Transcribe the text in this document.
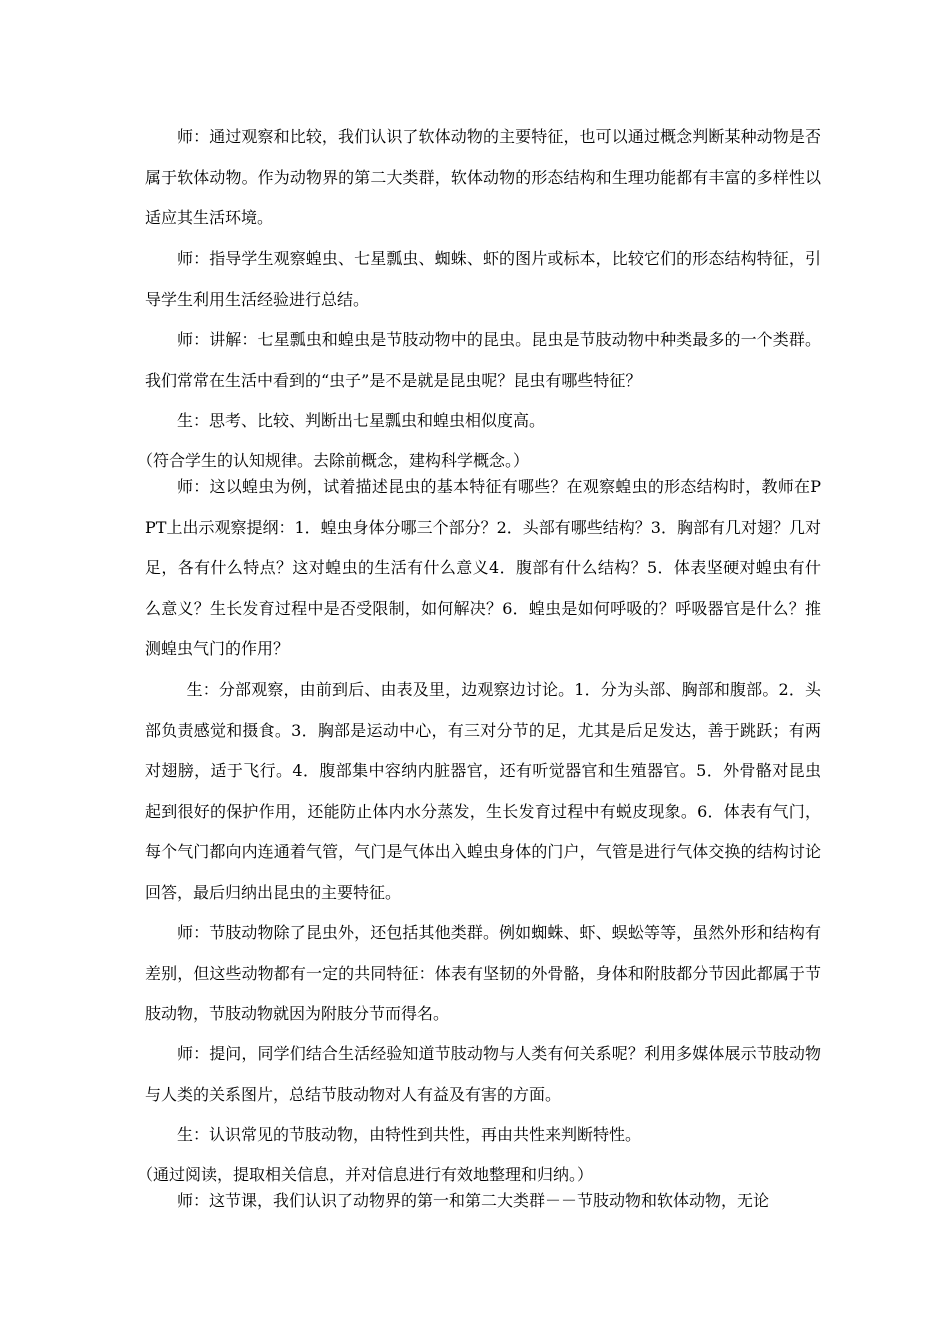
师：通过观察和比较，我们认识了软体动物的主要特征，也可以通过概念判断某种动物是否属于软体动物。作为动物界的第二大类群，软体动物的形态结构和生理功能都有丰富的多样性以适应其生活环境。

师：指导学生观察蝗虫、七星瓢虫、蜘蛛、虾的图片或标本，比较它们的形态结构特征，引导学生利用生活经验进行总结。

师：讲解：七星瓢虫和蝗虫是节肢动物中的昆虫。昆虫是节肢动物中种类最多的一个类群。我们常常在生活中看到的“虫子”是不是就是昆虫呢？昆虫有哪些特征？

生：思考、比较、判断出七星瓢虫和蝗虫相似度高。

（符合学生的认知规律。去除前概念，建构科学概念。）

师：这以蝗虫为例，试着描述昆虫的基本特征有哪些？在观察蝗虫的形态结构时，教师在PPT上出示观察提纲：1．蝗虫身体分哪三个部分？2．头部有哪些结构？3．胸部有几对翅？几对足，各有什么特点？这对蝗虫的生活有什么意义4．腹部有什么结构？5．体表坚硬对蝗虫有什么意义？生长发育过程中是否受限制，如何解决？6．蝗虫是如何呼吸的？呼吸器官是什么？推测蝗虫气门的作用？

生：分部观察，由前到后、由表及里，边观察边讨论。1．分为头部、胸部和腹部。2．头部负责感觉和摄食。3．胸部是运动中心，有三对分节的足，尤其是后足发达，善于跳跃；有两对翅膀，适于飞行。4．腹部集中容纳内脏器官，还有听觉器官和生殖器官。5．外骨骼对昆虫起到很好的保护作用，还能防止体内水分蒸发，生长发育过程中有蜕皮现象。6．体表有气门，每个气门都向内连通着气管，气门是气体出入蝗虫身体的门户，气管是进行气体交换的结构讨论回答，最后归纳出昆虫的主要特征。

师：节肢动物除了昆虫外，还包括其他类群。例如蜘蛛、虾、蜈蚣等等，虽然外形和结构有差别，但这些动物都有一定的共同特征：体表有坚韧的外骨骼，身体和附肢都分节因此都属于节肢动物，节肢动物就因为附肢分节而得名。

师：提问，同学们结合生活经验知道节肢动物与人类有何关系呢？利用多媒体展示节肢动物与人类的关系图片，总结节肢动物对人有益及有害的方面。

生：认识常见的节肢动物，由特性到共性，再由共性来判断特性。

（通过阅读，提取相关信息，并对信息进行有效地整理和归纳。）

师：这节课，我们认识了动物界的第一和第二大类群－－节肢动物和软体动物，无论
